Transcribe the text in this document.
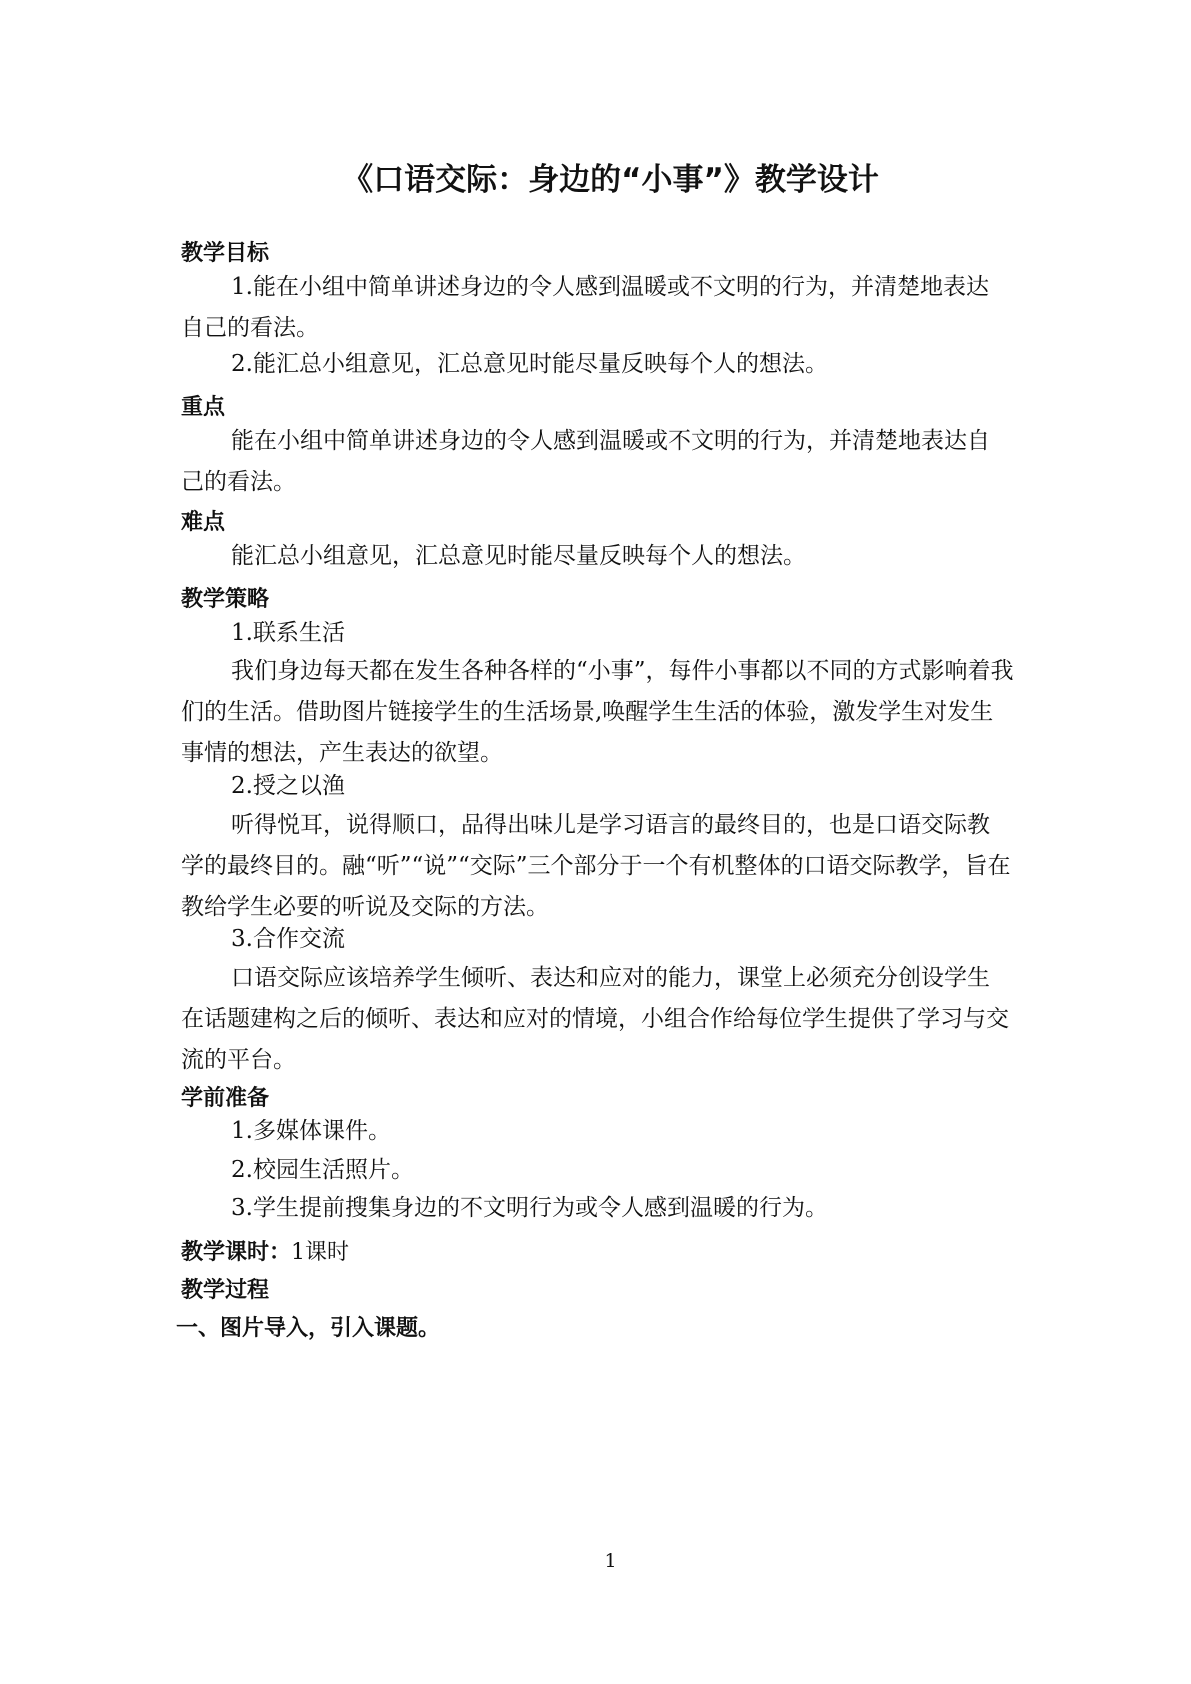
《口语交际：身边的“小事”》教学设计
教学目标
1.能在小组中简单讲述身边的令人感到温暖或不文明的行为，并清楚地表达自己的看法。
2.能汇总小组意见，汇总意见时能尽量反映每个人的想法。
重点
能在小组中简单讲述身边的令人感到温暖或不文明的行为，并清楚地表达自己的看法。
难点
能汇总小组意见，汇总意见时能尽量反映每个人的想法。
教学策略
1.联系生活
我们身边每天都在发生各种各样的“小事”，每件小事都以不同的方式影响着我们的生活。借助图片链接学生的生活场景,唤醒学生生活的体验，激发学生对发生事情的想法，产生表达的欲望。
2.授之以渔
听得悦耳，说得顺口，品得出味儿是学习语言的最终目的，也是口语交际教学的最终目的。融“听”“说”“交际”三个部分于一个有机整体的口语交际教学，旨在教给学生必要的听说及交际的方法。
3.合作交流
口语交际应该培养学生倾听、表达和应对的能力，课堂上必须充分创设学生在话题建构之后的倾听、表达和应对的情境，小组合作给每位学生提供了学习与交流的平台。
学前准备
1.多媒体课件。
2.校园生活照片。
3.学生提前搜集身边的不文明行为或令人感到温暖的行为。
教学课时：1课时
教学过程
一、图片导入，引入课题。
1
